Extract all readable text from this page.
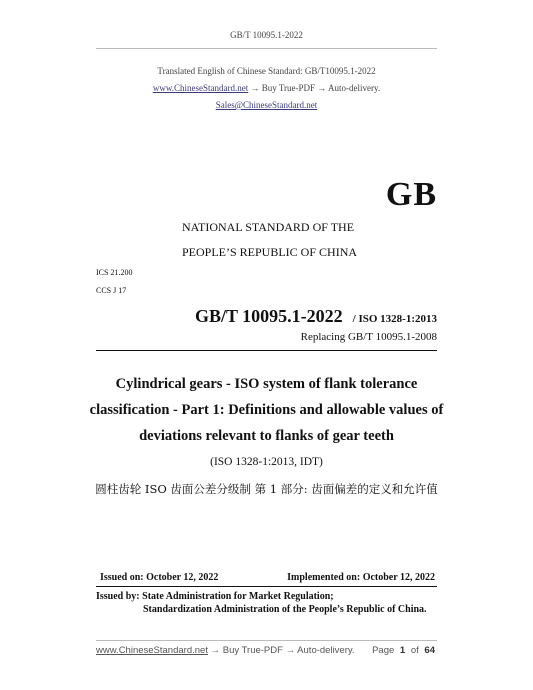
GB/T 10095.1-2022
Translated English of Chinese Standard: GB/T10095.1-2022
www.ChineseStandard.net → Buy True-PDF → Auto-delivery.
Sales@ChineseStandard.net
GB
NATIONAL STANDARD OF THE
PEOPLE’S REPUBLIC OF CHINA
ICS 21.200
CCS J 17
GB/T 10095.1-2022 / ISO 1328-1:2013
Replacing GB/T 10095.1-2008
Cylindrical gears - ISO system of flank tolerance
classification - Part 1: Definitions and allowable values of
deviations relevant to flanks of gear teeth
(ISO 1328-1:2013, IDT)
圆柱齿轮 ISO 齿面公差分级制 第 1 部分: 齿面偏差的定义和允许值
Issued on: October 12, 2022	Implemented on: October 12, 2022
Issued by: State Administration for Market Regulation;
Standardization Administration of the People’s Republic of China.
www.ChineseStandard.net → Buy True-PDF → Auto-delivery. Page 1 of 64
